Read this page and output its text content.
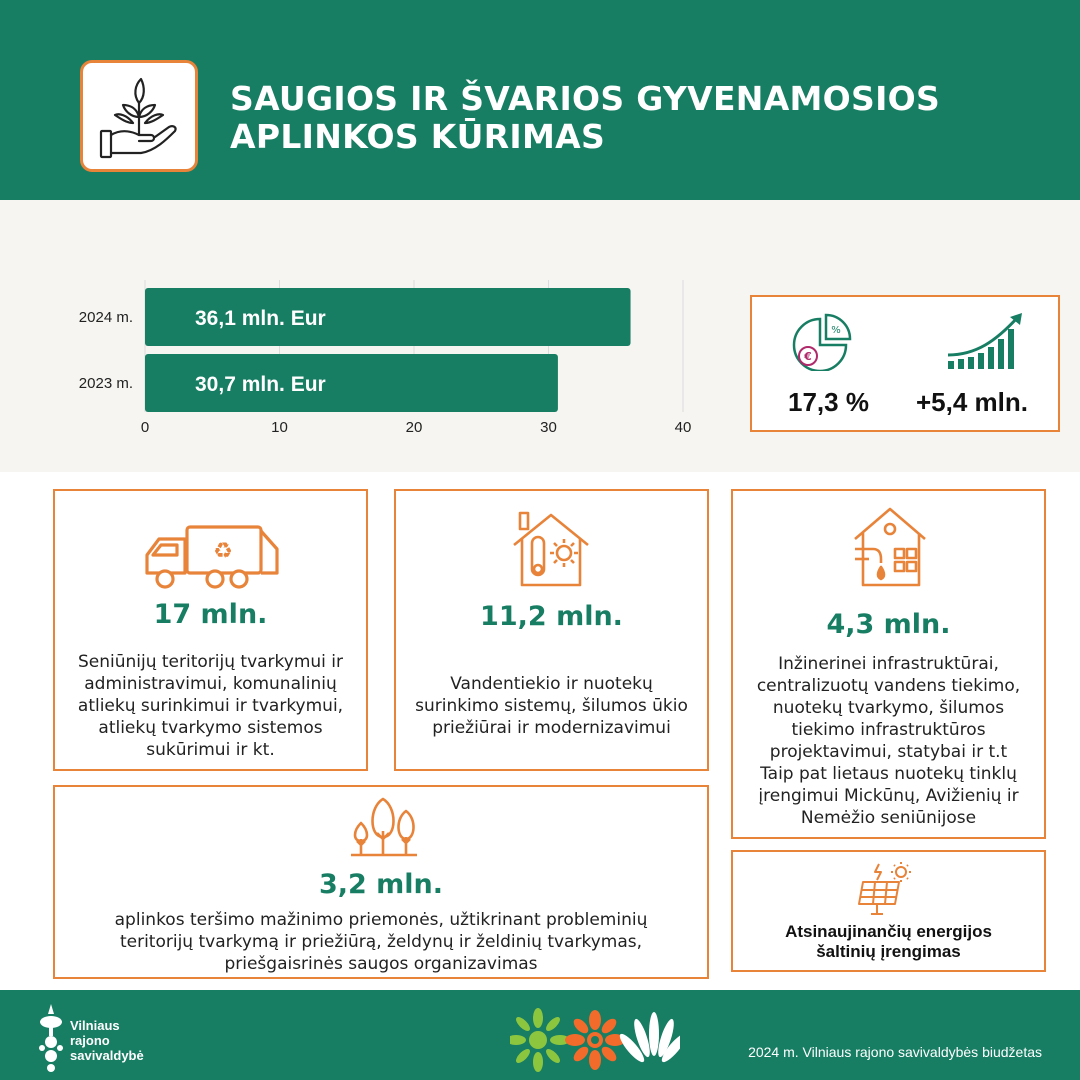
SAUGIOS IR ŠVARIOS GYVENAMOSIOS
APLINKOS KŪRIMAS
0	10	20	30	40
2024 m.	36,1 mln. Eur
2023 m.	30,7 mln. Eur
%
€
17,3 % +5,4 mln.
♻
17 mln.
Seniūnijų teritorijų tvarkymui ir
administravimui, komunalinių
atliekų surinkimui ir tvarkymui,
atliekų tvarkymo sistemos
sukūrimui ir kt.
11,2 mln.
Vandentiekio ir nuotekų
surinkimo sistemų, šilumos ūkio
priežiūrai ir modernizavimui
4,3 mln.
Inžinerinei infrastruktūrai,
centralizuotų vandens tiekimo,
nuotekų tvarkymo, šilumos
tiekimo infrastruktūros
projektavimui, statybai ir t.t
Taip pat lietaus nuotekų tinklų
įrengimui Mickūnų, Avižienių ir
Nemėžio seniūnijose
3,2 mln.
aplinkos teršimo mažinimo priemonės, užtikrinant probleminių
teritorijų tvarkymą ir priežiūrą, želdynų ir želdinių tvarkymas,
priešgaisrinės saugos organizavimas
Atsinaujinančių energijos
šaltinių įrengimas
Vilniaus
rajono
savivaldybė	2024 m. Vilniaus rajono savivaldybės biudžetas
